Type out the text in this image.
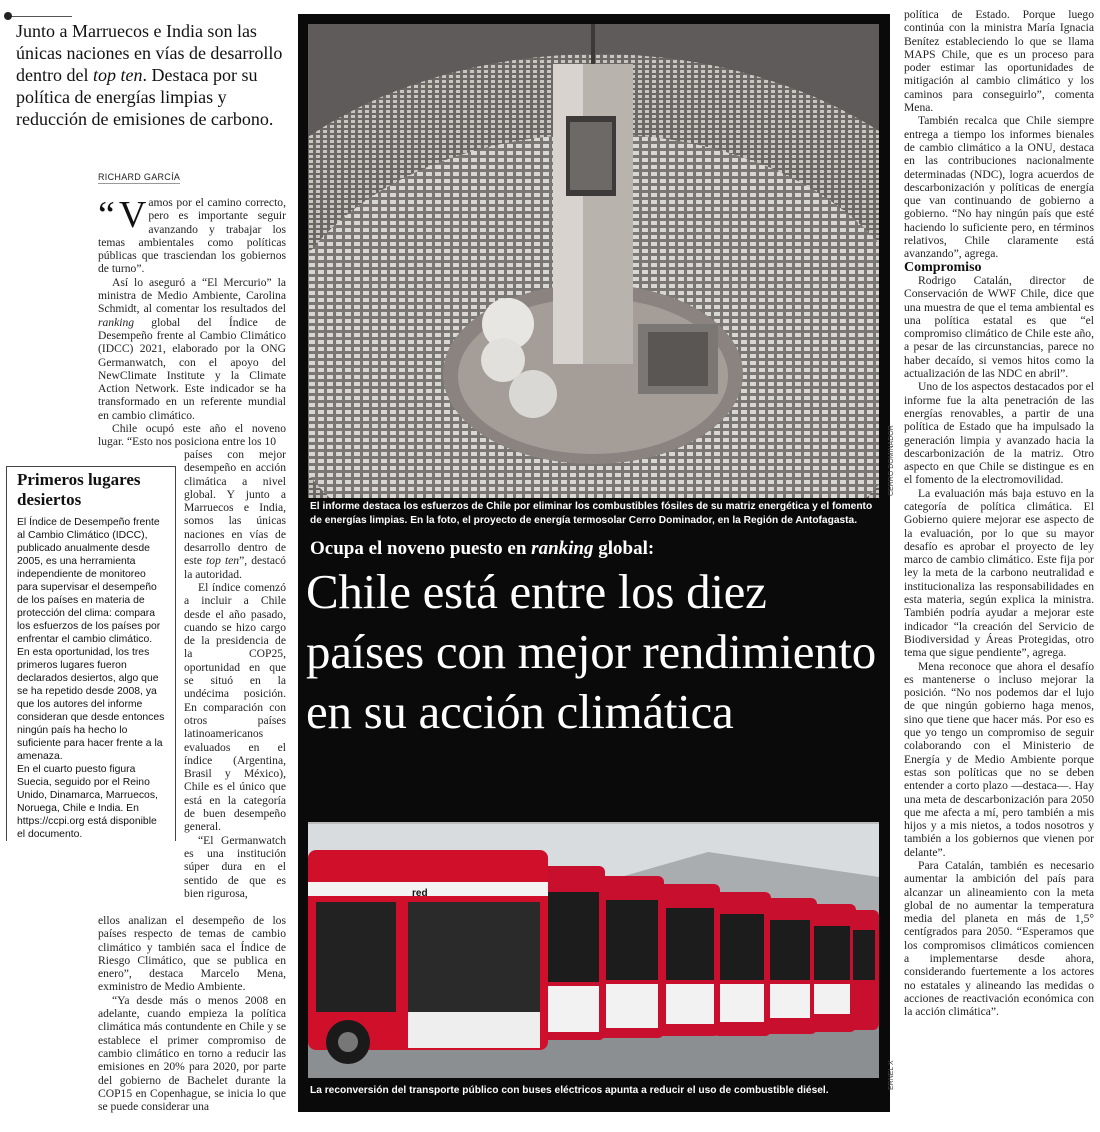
Junto a Marruecos e India son las únicas naciones en vías de desarrollo dentro del top ten. Destaca por su política de energías limpias y reducción de emisiones de carbono.
RICHARD GARCÍA

“ V amos por el camino correcto, pero es importante seguir avanzando y trabajar los temas ambientales como políticas públicas que trasciendan los gobiernos de turno”.

Así lo aseguró a “El Mercurio” la ministra de Medio Ambiente, Carolina Schmidt, al comentar los resultados del ranking global del Índice de Desempeño frente al Cambio Climático (IDCC) 2021, elaborado por la ONG Germanwatch, con el apoyo del NewClimate Institute y la Climate Action Network. Este indicador se ha transformado en un referente mundial en cambio climático.

Chile ocupó este año el noveno lugar. “Esto nos posiciona entre los 10

países con mejor desempeño en acción climática a nivel global. Y junto a Marruecos e India, somos las únicas naciones en vías de desarrollo dentro de este top ten”, destacó la autoridad.

El índice comenzó a incluir a Chile desde el año pasado, cuando se hizo cargo de la presidencia de la COP25, oportunidad en que se situó en la undécima posición. En comparación con otros países latinoamericanos evaluados en el índice (Argentina, Brasil y México), Chile es el único que está en la categoría de buen desempeño general.

“El Germanwatch es una institución súper dura en el sentido de que es bien rigurosa,

ellos analizan el desempeño de los países respecto de temas de cambio climático y también saca el Índice de Riesgo Climático, que se publica en enero”, destaca Marcelo Mena, exministro de Medio Ambiente.

“Ya desde más o menos 2008 en adelante, cuando empieza la política climática más contundente en Chile y se establece el primer compromiso de cambio climático en torno a reducir las emisiones en 20% para 2020, por parte del gobierno de Bachelet durante la COP15 en Copenhague, se inicia lo que se puede considerar una

Primeros lugares desiertos

El Índice de Desempeño frente al Cambio Climático (IDCC), publicado anualmente desde 2005, es una herramienta independiente de monitoreo para supervisar el desempeño de los países en materia de protección del clima: compara los esfuerzos de los países por enfrentar el cambio climático.

En esta oportunidad, los tres primeros lugares fueron declarados desiertos, algo que se ha repetido desde 2008, ya que los autores del informe consideran que desde entonces ningún país ha hecho lo suficiente para hacer frente a la amenaza.

En el cuarto puesto figura Suecia, seguido por el Reino Unido, Dinamarca, Marruecos, Noruega, Chile e India. En https://ccpi.org está disponible el documento.

El informe destaca los esfuerzos de Chile por eliminar los combustibles fósiles de su matriz energética y el fomento de energías limpias. En la foto, el proyecto de energía termosolar Cerro Dominador, en la Región de Antofagasta.
CERRO DOMINADOR
Ocupa el noveno puesto en ranking global:
Chile está entre los diez países con mejor rendimiento en su acción climática
red
La reconversión del transporte público con buses eléctricos apunta a reducir el uso de combustible diésel.
ERNEL X

política de Estado. Porque luego continúa con la ministra María Ignacia Benítez estableciendo lo que se llama MAPS Chile, que es un proceso para poder estimar las oportunidades de mitigación al cambio climático y los caminos para conseguirlo”, comenta Mena.

También recalca que Chile siempre entrega a tiempo los informes bienales de cambio climático a la ONU, destaca en las contribuciones nacionalmente determinadas (NDC), logra acuerdos de descarbonización y políticas de energía que van continuando de gobierno a gobierno. “No hay ningún país que esté haciendo lo suficiente pero, en términos relativos, Chile claramente está avanzando”, agrega.

Compromiso

Rodrigo Catalán, director de Conservación de WWF Chile, dice que una muestra de que el tema ambiental es una política estatal es que “el compromiso climático de Chile este año, a pesar de las circunstancias, parece no haber decaído, si vemos hitos como la actualización de las NDC en abril”.

Uno de los aspectos destacados por el informe fue la alta penetración de las energías renovables, a partir de una política de Estado que ha impulsado la generación limpia y avanzado hacia la descarbonización de la matriz. Otro aspecto en que Chile se distingue es en el fomento de la electromovilidad.

La evaluación más baja estuvo en la categoría de política climática. El Gobierno quiere mejorar ese aspecto de la evaluación, por lo que su mayor desafío es aprobar el proyecto de ley marco de cambio climático. Este fija por ley la meta de la carbono neutralidad e institucionaliza las responsabilidades en esta materia, según explica la ministra. También podría ayudar a mejorar este indicador “la creación del Servicio de Biodiversidad y Áreas Protegidas, otro tema que sigue pendiente”, agrega.

Mena reconoce que ahora el desafío es mantenerse o incluso mejorar la posición. “No nos podemos dar el lujo de que ningún gobierno haga menos, sino que tiene que hacer más. Por eso es que yo tengo un compromiso de seguir colaborando con el Ministerio de Energía y de Medio Ambiente porque estas son políticas que no se deben entender a corto plazo —destaca—. Hay una meta de descarbonización para 2050 que me afecta a mí, pero también a mis hijos y a mis nietos, a todos nosotros y también a los gobiernos que vienen por delante”.

Para Catalán, también es necesario aumentar la ambición del país para alcanzar un alineamiento con la meta global de no aumentar la temperatura media del planeta en más de 1,5° centígrados para 2050. “Esperamos que los compromisos climáticos comiencen a implementarse desde ahora, considerando fuertemente a los actores no estatales y alineando las medidas o acciones de reactivación económica con la acción climática”.
